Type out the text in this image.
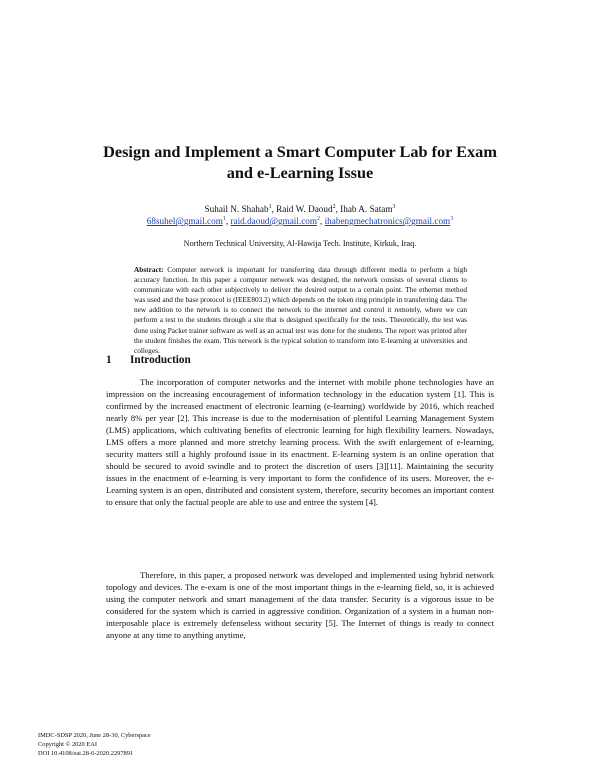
Design and Implement a Smart Computer Lab for Exam
and e-Learning Issue
Suhail N. Shahab$^1$, Raid W. Daoud$^2$, Ihab A. Satam$^3$
68suhel@gmail.com$^1$, raid.daoud@gmail.com$^2$, ihabengmechatronics@gmail.com$^3$
Northern Technical University, Al-Hawija Tech. Institute, Kirkuk, Iraq.
Abstract: Computer network is important for transferring data through different media to perform a high accuracy function. In this paper a computer network was designed, the network consists of several clients to communicate with each other subjectively to deliver the desired output to a certain point. The ethernet method was used and the base protocol is (IEEE803.2) which depends on the token ring principle in transferring data. The new addition to the network is to connect the network to the internet and control it remotely, where we can perform a test to the students through a site that is designed specifically for the tests. Theoretically, the test was done using Packet trainer software as well as an actual test was done for the students. The report was printed after the student finishes the exam. This network is the typical solution to transform into E-learning at universities and colleges.
1 Introduction
The incorporation of computer networks and the internet with mobile phone technologies have an impression on the increasing encouragement of information technology in the education system [1]. This is confirmed by the increased enactment of electronic learning (e-learning) worldwide by 2016, which reached nearly 8% per year [2]. This increase is due to the modernisation of plentiful Learning Management System (LMS) applications, which cultivating benefits of electronic learning for high flexibility learners. Nowadays, LMS offers a more planned and more stretchy learning process. With the swift enlargement of e-learning, security matters still a highly profound issue in its enactment. E-learning system is an online operation that should be secured to avoid swindle and to protect the discretion of users [3][11]. Maintaining the security issues in the enactment of e-learning is very important to form the confidence of its users. Moreover, the e-Learning system is an open, distributed and consistent system, therefore, security becomes an important contest to ensure that only the factual people are able to use and entree the system [4].
Therefore, in this paper, a proposed network was developed and implemented using hybrid network topology and devices. The e-exam is one of the most important things in the e-learning field, so, it is achieved using the computer network and smart management of the data transfer. Security is a vigorous issue to be considered for the system which is carried in aggressive condition. Organization of a system in a human non-interposable place is extremely defenseless without security [5]. The Internet of things is ready to connect anyone at any time to anything anytime,
IMDC-SDSP 2020, June 28-30, Cyberspace
Copyright © 2020 EAI
DOI 10.4108/eai.28-6-2020.2297891
